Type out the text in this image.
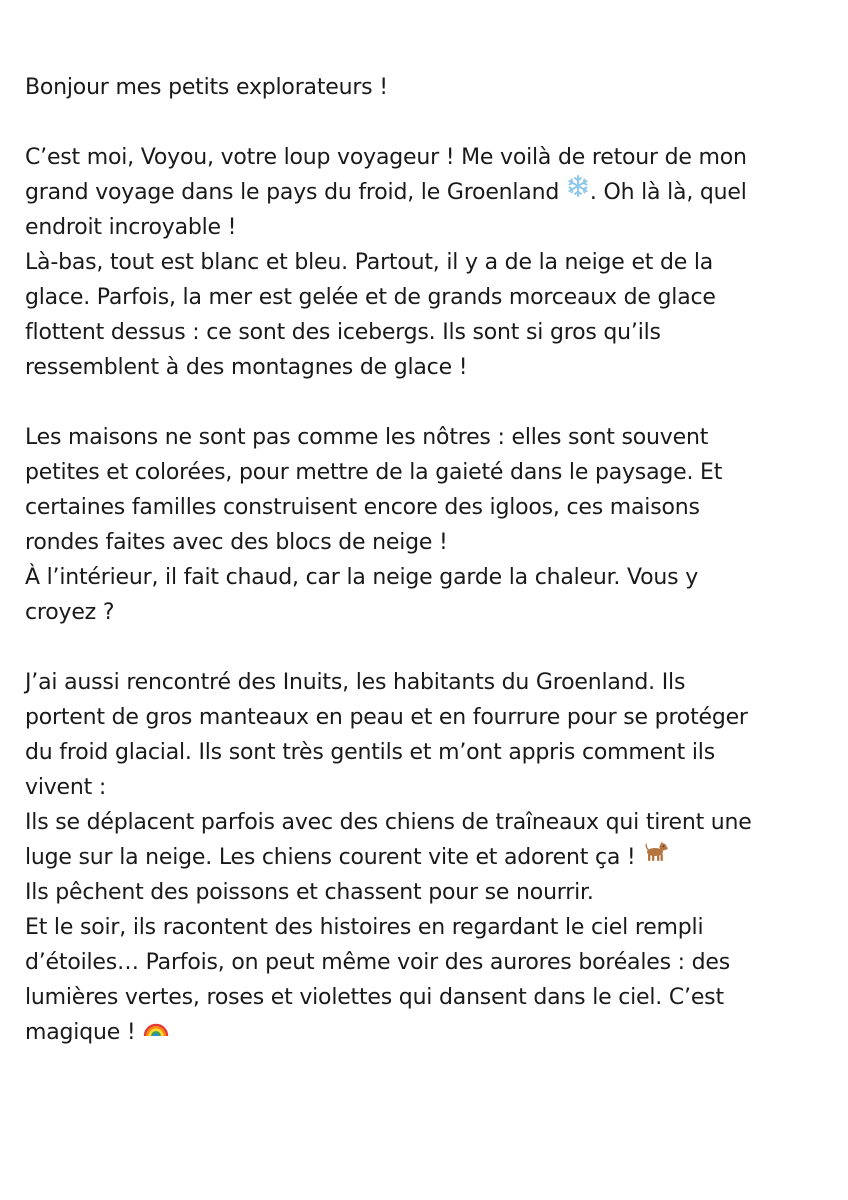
Bonjour mes petits explorateurs !
C’est moi, Voyou, votre loup voyageur ! Me voilà de retour de mon
grand voyage dans le pays du froid, le Groenland . Oh là là, quel
endroit incroyable !
Là-bas, tout est blanc et bleu. Partout, il y a de la neige et de la
glace. Parfois, la mer est gelée et de grands morceaux de glace
flottent dessus : ce sont des icebergs. Ils sont si gros qu’ils
ressemblent à des montagnes de glace !
Les maisons ne sont pas comme les nôtres : elles sont souvent
petites et colorées, pour mettre de la gaieté dans le paysage. Et
certaines familles construisent encore des igloos, ces maisons
rondes faites avec des blocs de neige !
À l’intérieur, il fait chaud, car la neige garde la chaleur. Vous y
croyez ?
J’ai aussi rencontré des Inuits, les habitants du Groenland. Ils
portent de gros manteaux en peau et en fourrure pour se protéger
du froid glacial. Ils sont très gentils et m’ont appris comment ils
vivent :
Ils se déplacent parfois avec des chiens de traîneaux qui tirent une
luge sur la neige. Les chiens courent vite et adorent ça !
Ils pêchent des poissons et chassent pour se nourrir.
Et le soir, ils racontent des histoires en regardant le ciel rempli
d’étoiles… Parfois, on peut même voir des aurores boréales : des
lumières vertes, roses et violettes qui dansent dans le ciel. C’est
magique !
